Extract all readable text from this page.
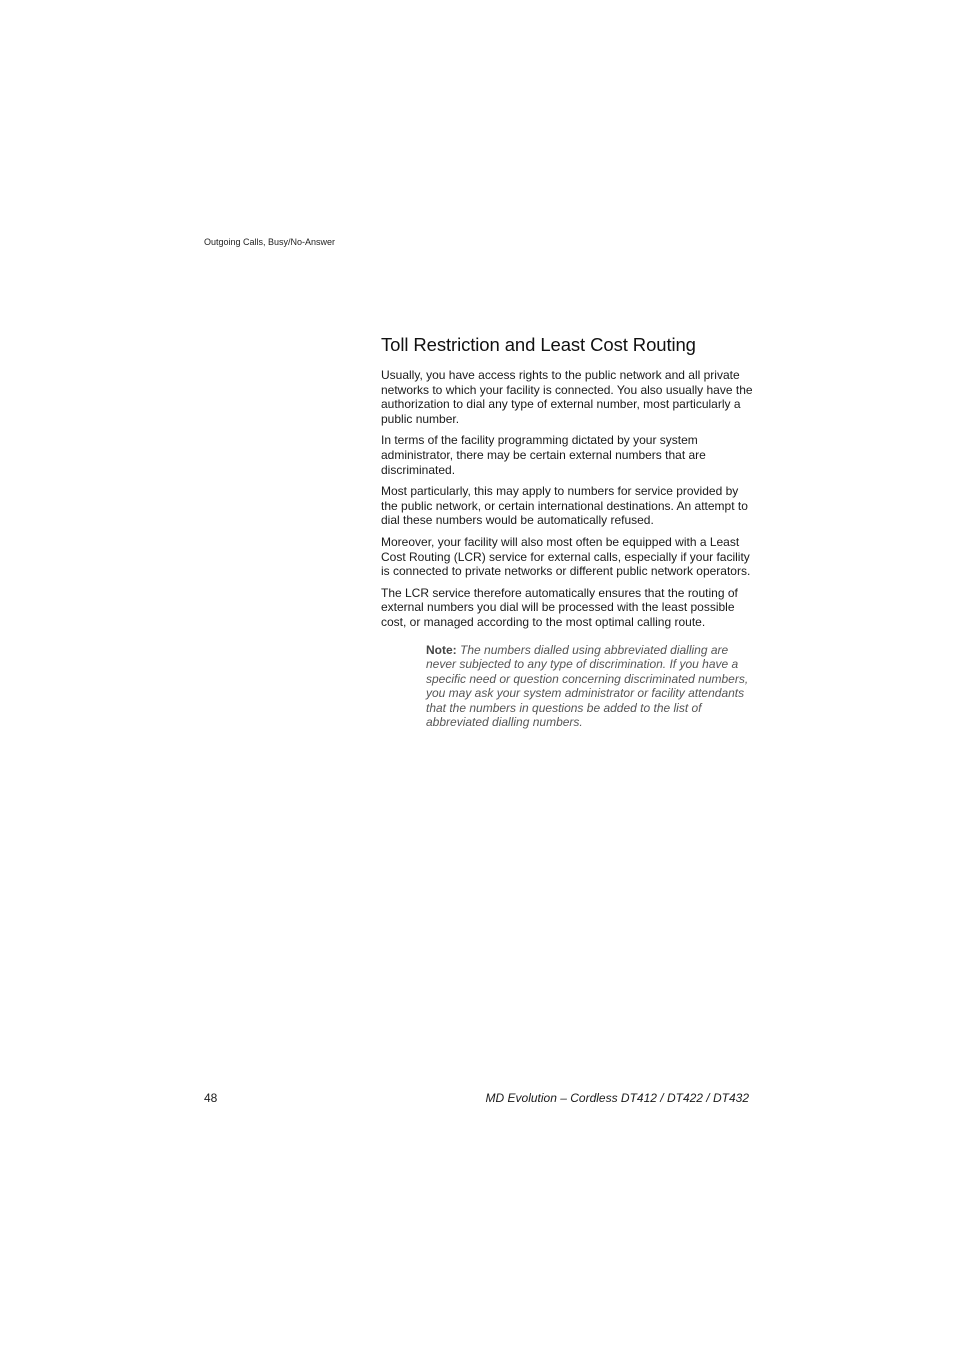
Outgoing Calls, Busy/No-Answer
Toll Restriction and Least Cost Routing

Usually, you have access rights to the public network and all private networks to which your facility is connected. You also usually have the authorization to dial any type of external number, most particularly a public number.

In terms of the facility programming dictated by your system administrator, there may be certain external numbers that are discriminated.

Most particularly, this may apply to numbers for service provided by the public network, or certain international destinations. An attempt to dial these numbers would be automatically refused.

Moreover, your facility will also most often be equipped with a Least Cost Routing (LCR) service for external calls, especially if your facility is connected to private networks or different public network operators.

The LCR service therefore automatically ensures that the routing of external numbers you dial will be processed with the least possible cost, or managed according to the most optimal calling route.

Note: The numbers dialled using abbreviated dialling are never subjected to any type of discrimination. If you have a specific need or question concerning discriminated numbers, you may ask your system administrator or facility attendants that the numbers in questions be added to the list of abbreviated dialling numbers.
48	MD Evolution – Cordless DT412 / DT422 / DT432
